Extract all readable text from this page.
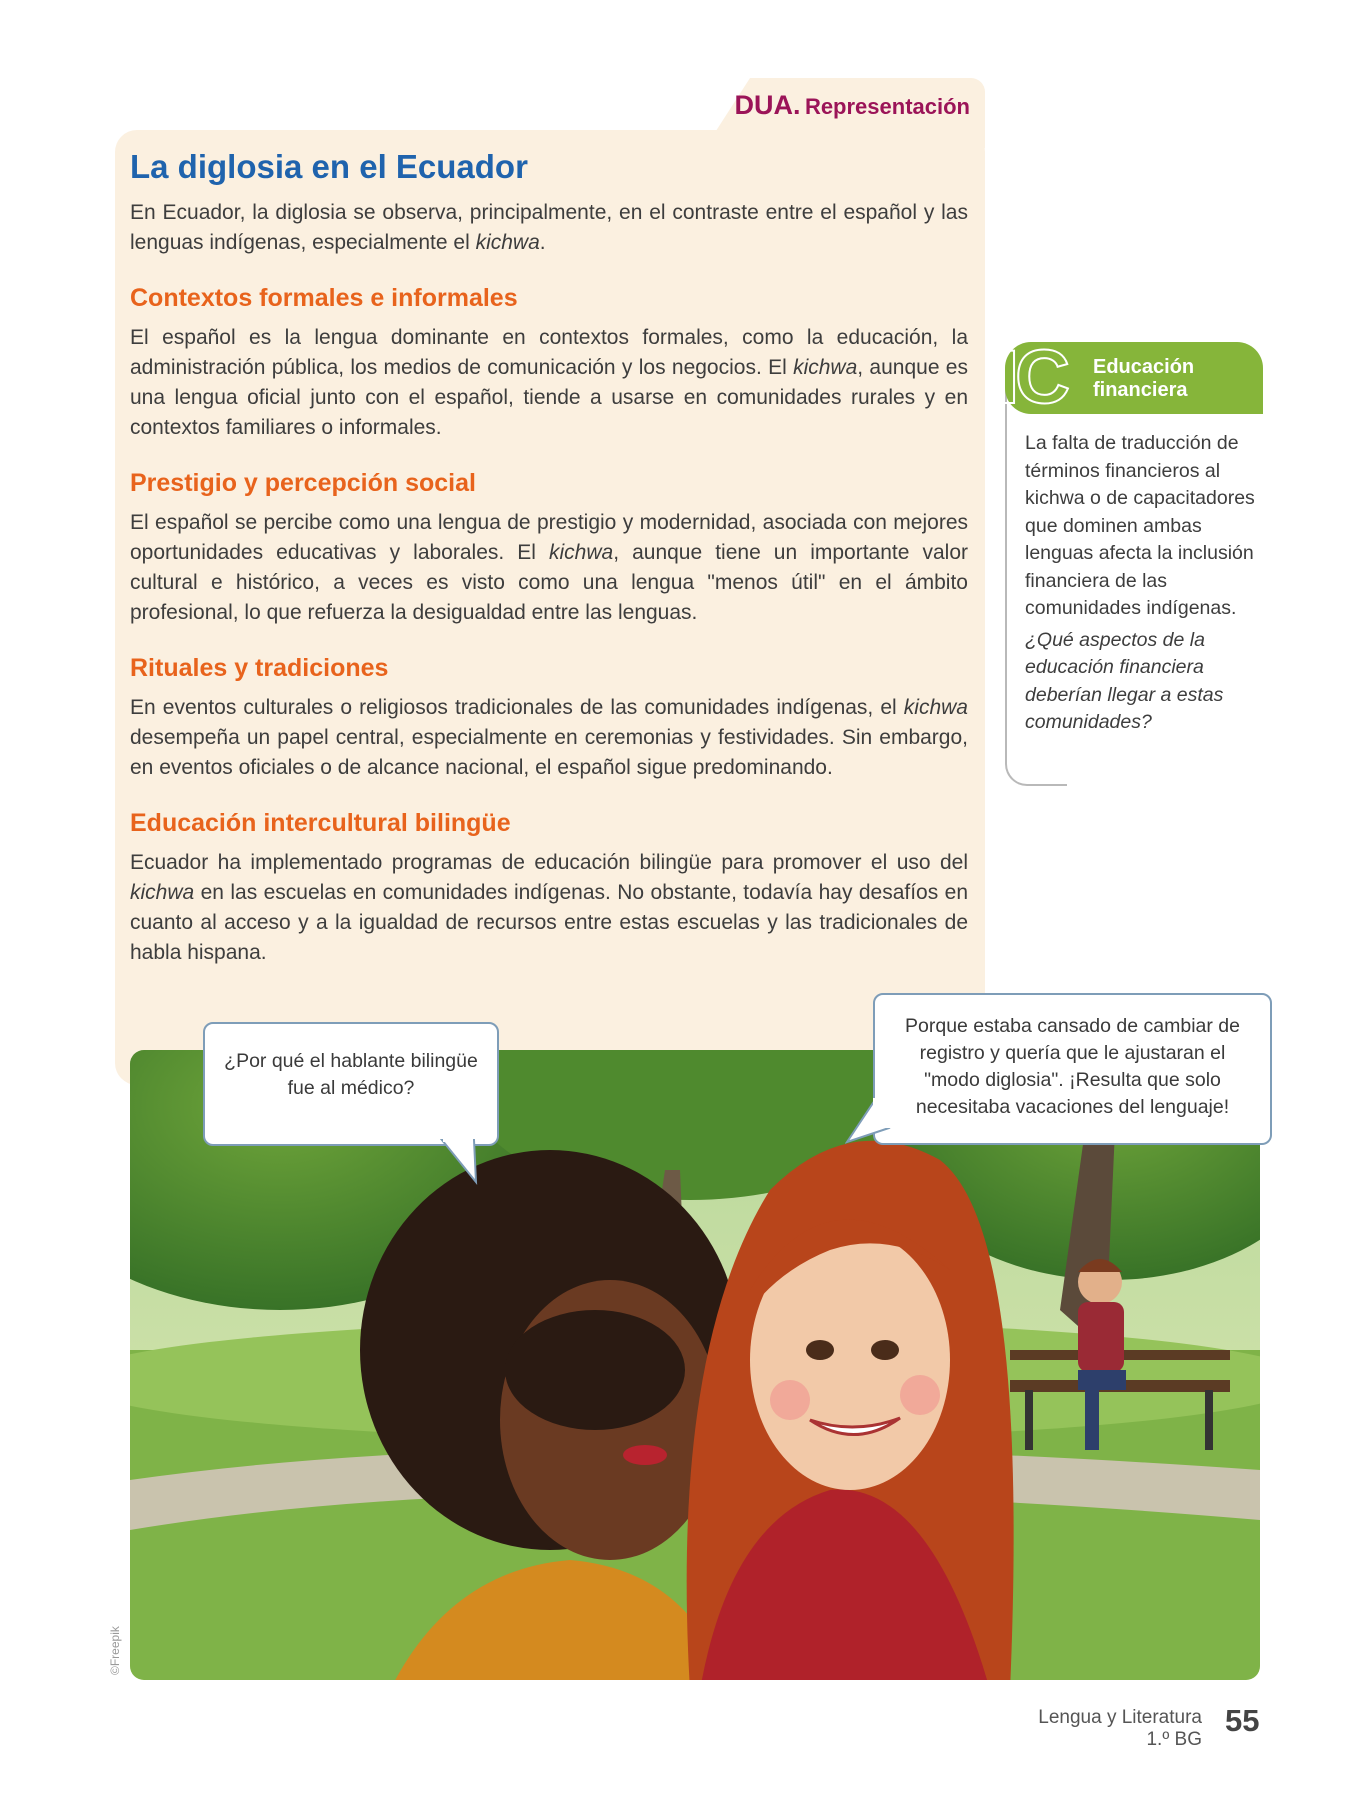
DUA. Representación
La diglosia en el Ecuador

En Ecuador, la diglosia se observa, principalmente, en el contraste entre el español y las lenguas indígenas, especialmente el kichwa.

Contextos formales e informales

El español es la lengua dominante en contextos formales, como la educación, la administración pública, los medios de comunicación y los negocios. El kichwa, aunque es una lengua oficial junto con el español, tiende a usarse en comunidades rurales y en contextos familiares o informales.

Prestigio y percepción social

El español se percibe como una lengua de prestigio y modernidad, asociada con mejores oportunidades educativas y laborales. El kichwa, aunque tiene un importante valor cultural e histórico, a veces es visto como una lengua "menos útil" en el ámbito profesional, lo que refuerza la desigualdad entre las lenguas.

Rituales y tradiciones

En eventos culturales o religiosos tradicionales de las comunidades indígenas, el kichwa desempeña un papel central, especialmente en ceremonias y festividades. Sin embargo, en eventos oficiales o de alcance nacional, el español sigue predominando.

Educación intercultural bilingüe

Ecuador ha implementado programas de educación bilingüe para promover el uso del kichwa en las escuelas en comunidades indígenas. No obstante, todavía hay desafíos en cuanto al acceso y a la igualdad de recursos entre estas escuelas y las tradicionales de habla hispana.

IC Educación financiera
La falta de traducción de términos financieros al kichwa o de capacitadores que dominen ambas lenguas afecta la inclusión financiera de las comunidades indígenas.
¿Qué aspectos de la educación financiera deberían llegar a estas comunidades?
¿Por qué el hablante bilingüe fue al médico?
Porque estaba cansado de cambiar de registro y quería que le ajustaran el "modo diglosia". ¡Resulta que solo necesitaba vacaciones del lenguaje!
©Freepik
Lengua y Literatura
1.º BG
55
